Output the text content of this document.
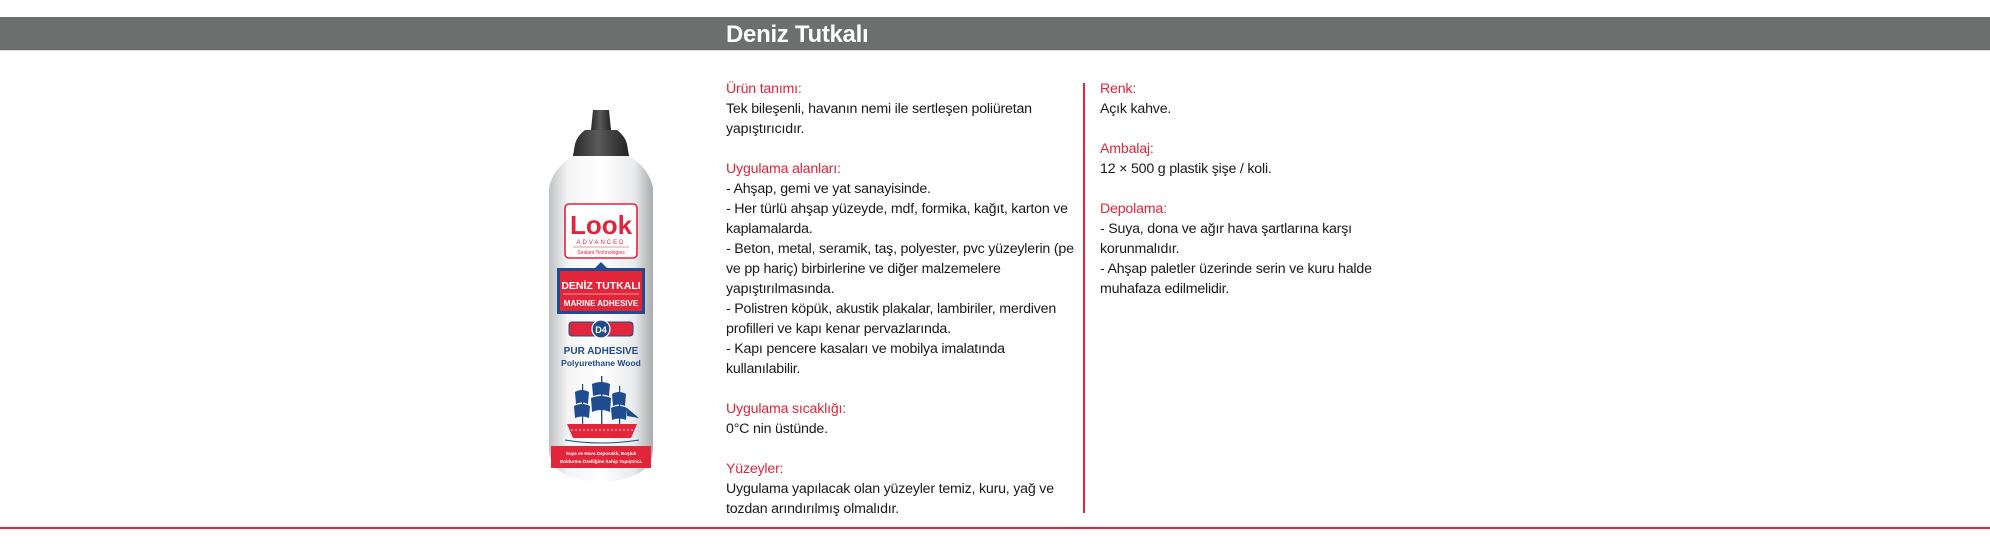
Deniz Tutkalı
Look
ADVANCED
Sealant Technologies
DENİZ TUTKALI
MARINE ADHESIVE
D4
PUR ADHESIVE
Polyurethane Wood
Suya ve Hava Deposaklı, Boşluk
Doldurma Özelliğine Sahip Yapıştırıcı.
Ürün tanımı:
Tek bileşenli, havanın nemi ile sertleşen poliüretan yapıştırıcıdır.
Uygulama alanları:
- Ahşap, gemi ve yat sanayisinde.
- Her türlü ahşap yüzeyde, mdf, formika, kağıt, karton ve kaplamalarda.
- Beton, metal, seramik, taş, polyester, pvc yüzeylerin (pe ve pp hariç) birbirlerine ve diğer malzemelere yapıştırılmasında.
- Polistren köpük, akustik plakalar, lambiriler, merdiven profilleri ve kapı kenar pervazlarında.
- Kapı pencere kasaları ve mobilya imalatında kullanılabilir.
Uygulama sıcaklığı:
0°C nin üstünde.
Yüzeyler:
Uygulama yapılacak olan yüzeyler temiz, kuru, yağ ve tozdan arındırılmış olmalıdır.
Renk:
Açık kahve.
Ambalaj:
12 × 500 g plastik şişe / koli.
Depolama:
- Suya, dona ve ağır hava şartlarına karşı korunmalıdır.
- Ahşap paletler üzerinde serin ve kuru halde muhafaza edilmelidir.
